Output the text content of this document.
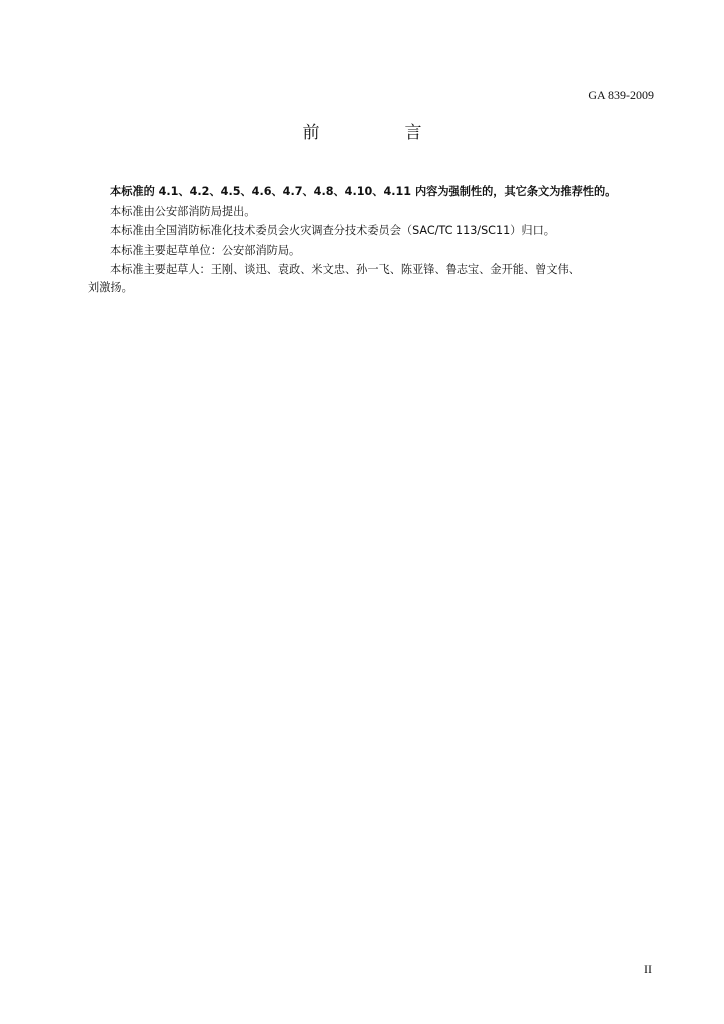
GA 839-2009
前　言

本标准的 4.1、4.2、4.5、4.6、4.7、4.8、4.10、4.11 内容为强制性的，其它条文为推荐性的。

本标准由公安部消防局提出。

本标准由全国消防标准化技术委员会火灾调查分技术委员会（SAC/TC 113/SC11）归口。

本标准主要起草单位：公安部消防局。

本标准主要起草人：王刚、谈迅、袁政、米文忠、孙一飞、陈亚锋、鲁志宝、金开能、曾文伟、

刘激扬。
II
